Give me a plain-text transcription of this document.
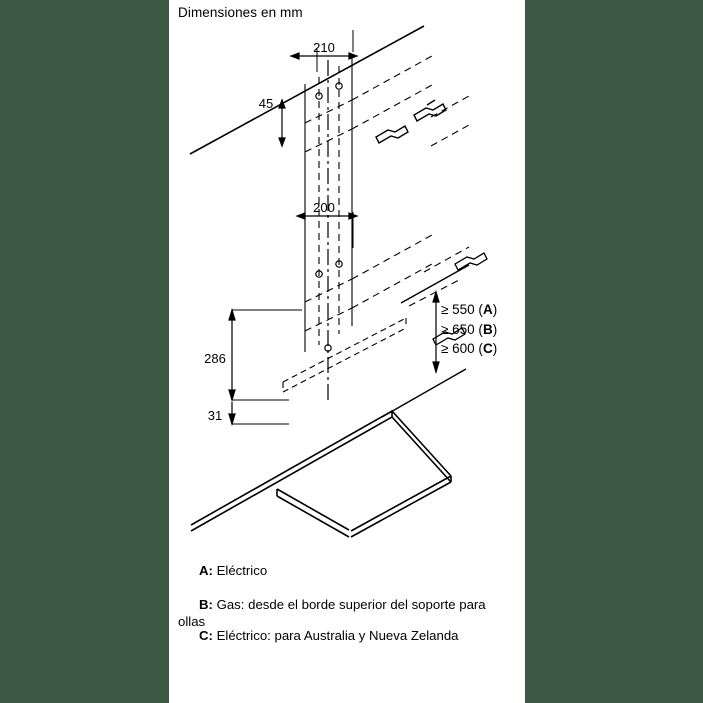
Dimensiones en mm
210
45
200
286
31
≥ 550 (A)
≥ 650 (B)
≥ 600 (C)
A: Eléctrico
B: Gas: desde el borde superior del soporte para ollas
C: Eléctrico: para Australia y Nueva Zelanda
